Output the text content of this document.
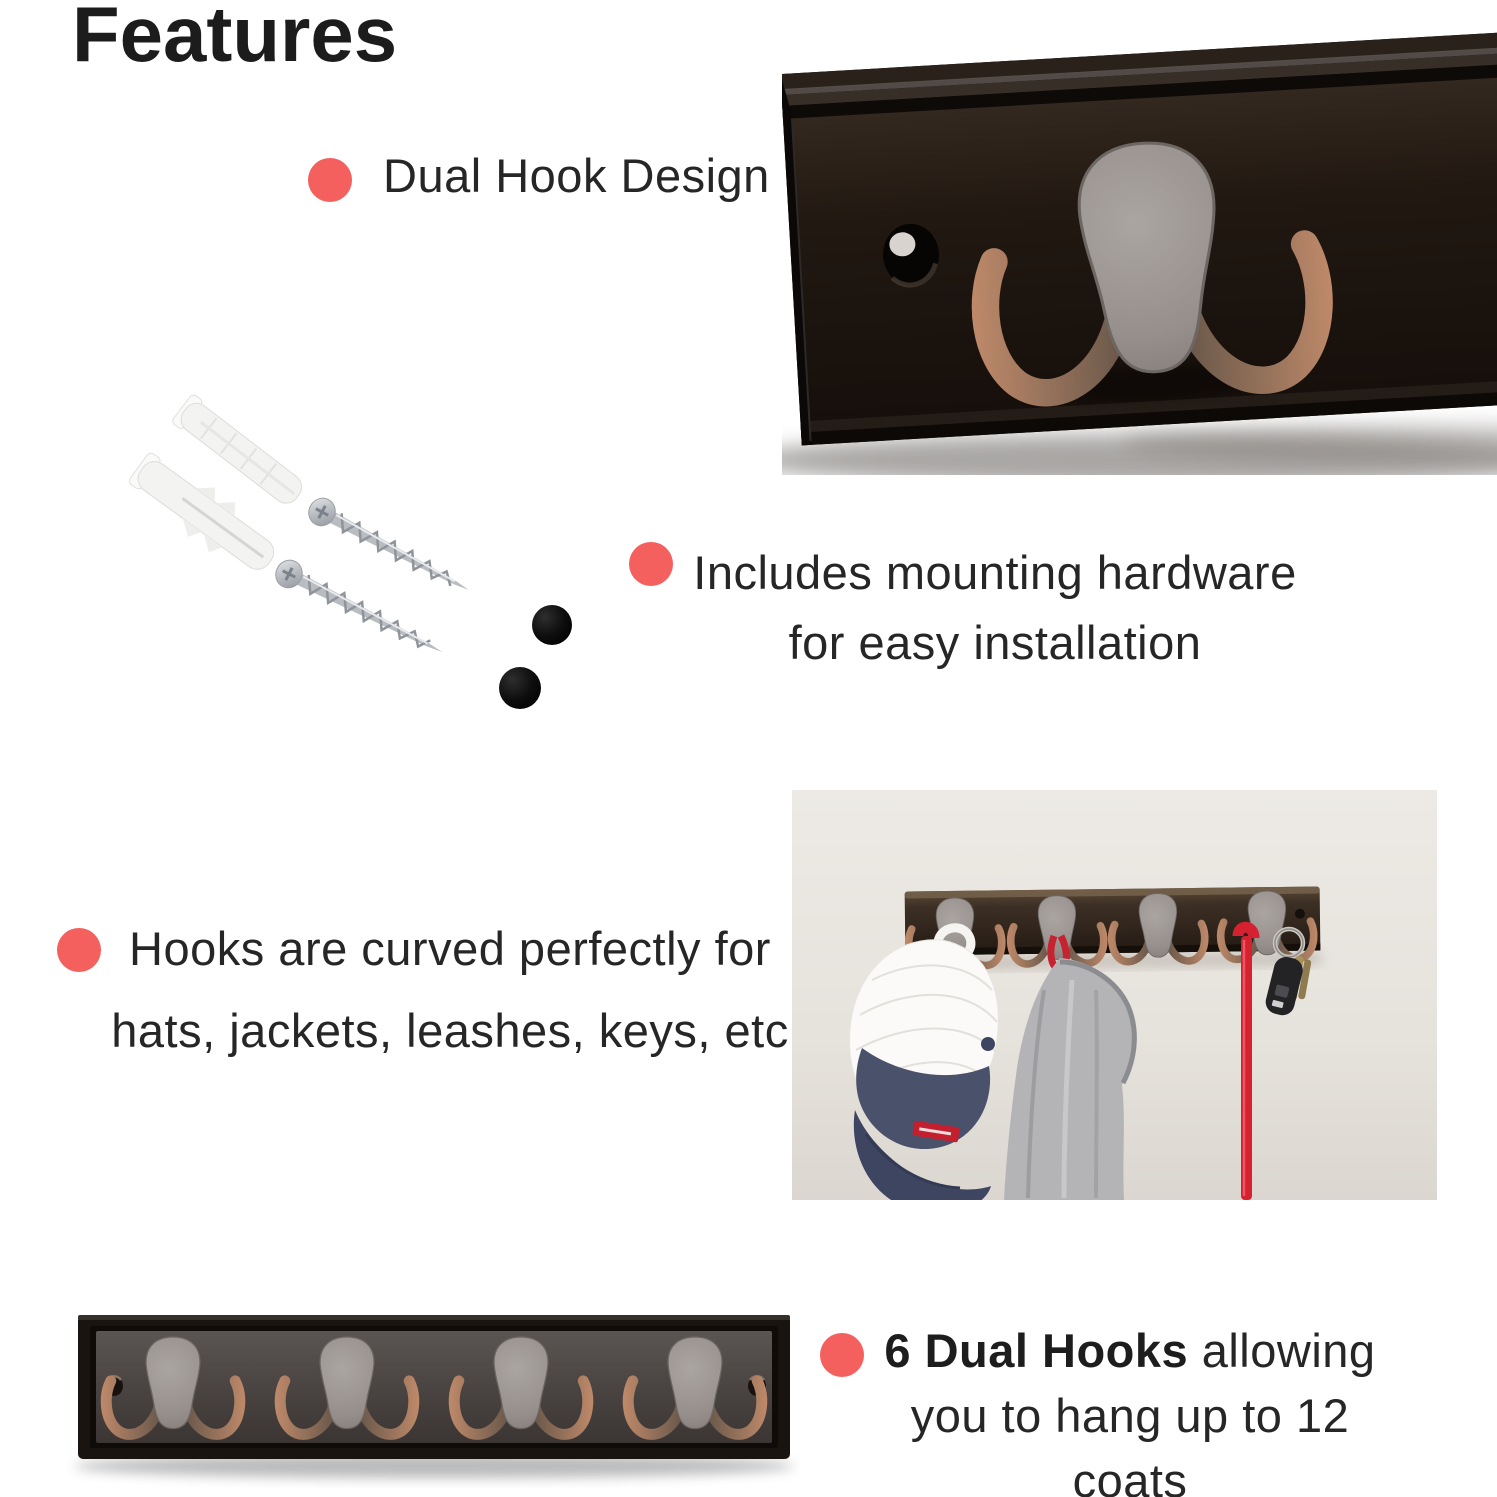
Features
Dual Hook Design
Includes mounting hardware
for easy installation
Hooks are curved perfectly for
hats, jackets, leashes, keys, etc
6 Dual Hooks allowing
you to hang up to 12
coats
